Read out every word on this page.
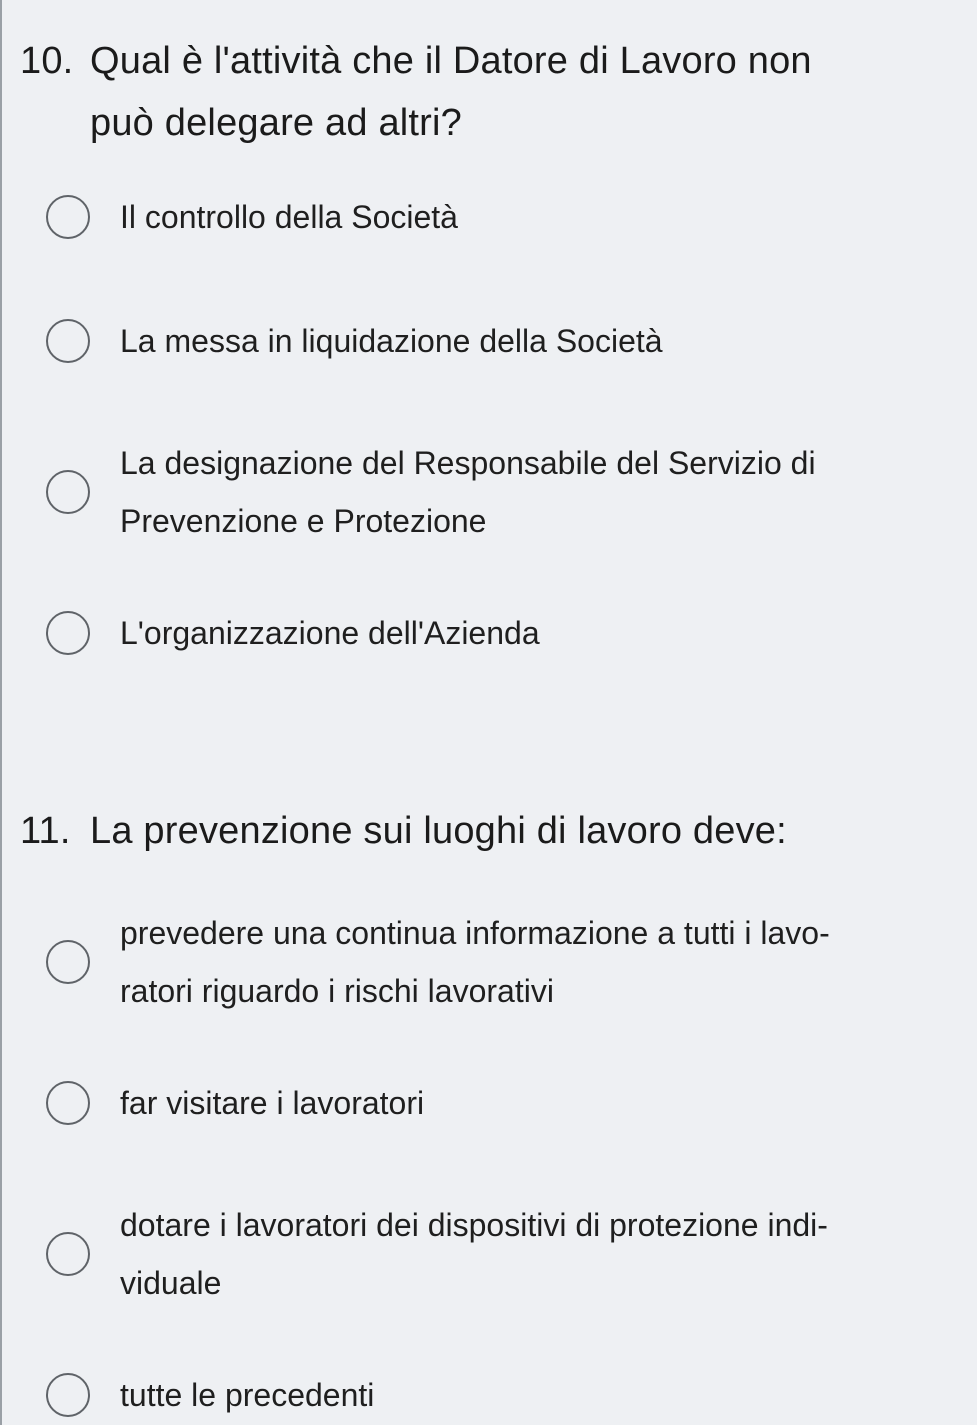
10. Qual è l'attività che il Datore di Lavoro non
può delegare ad altri?
Il controllo della Società
La messa in liquidazione della Società
La designazione del Responsabile del Servizio di
Prevenzione e Protezione
L'organizzazione dell'Azienda
11. La prevenzione sui luoghi di lavoro deve:
prevedere una continua informazione a tutti i lavo-
ratori riguardo i rischi lavorativi
far visitare i lavoratori
dotare i lavoratori dei dispositivi di protezione indi-
viduale
tutte le precedenti
